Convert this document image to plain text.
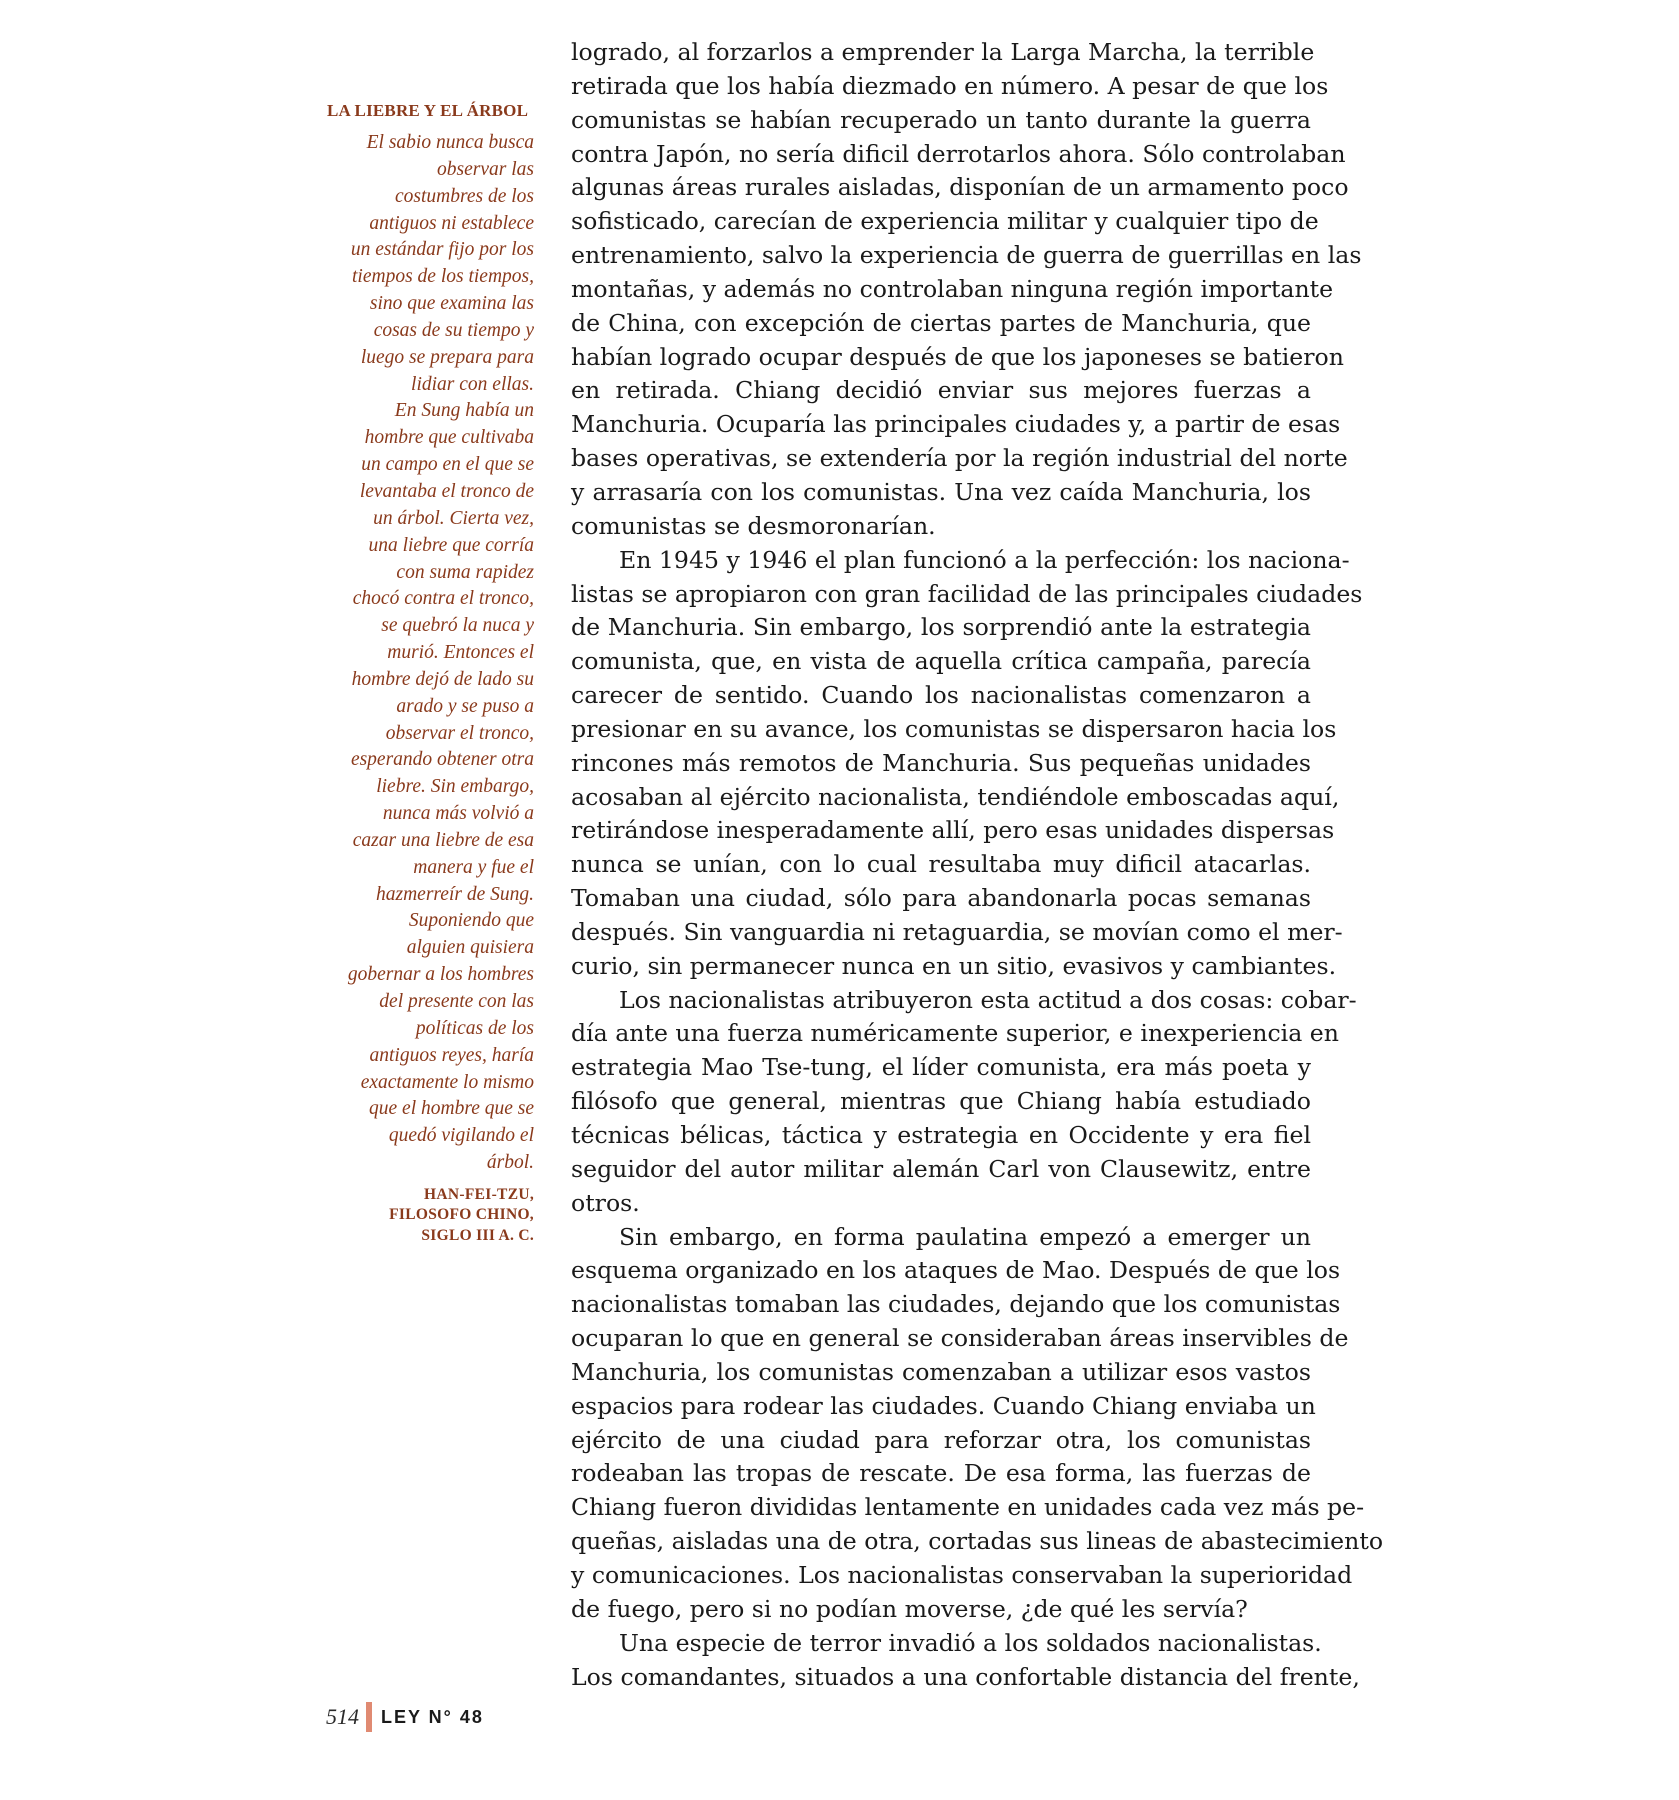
LA LIEBRE Y EL ÁRBOL
El sabio nunca busca
observar las
costumbres de los
antiguos ni establece
un estándar fijo por los
tiempos de los tiempos,
sino que examina las
cosas de su tiempo y
luego se prepara para
lidiar con ellas.
En Sung había un
hombre que cultivaba
un campo en el que se
levantaba el tronco de
un árbol. Cierta vez,
una liebre que corría
con suma rapidez
chocó contra el tronco,
se quebró la nuca y
murió. Entonces el
hombre dejó de lado su
arado y se puso a
observar el tronco,
esperando obtener otra
liebre. Sin embargo,
nunca más volvió a
cazar una liebre de esa
manera y fue el
hazmerreír de Sung.
Suponiendo que
alguien quisiera
gobernar a los hombres
del presente con las
políticas de los
antiguos reyes, haría
exactamente lo mismo
que el hombre que se
quedó vigilando el
árbol.
HAN-FEI-TZU,
FILOSOFO CHINO,
SIGLO III A. C.
logrado, al forzarlos a emprender la Larga Marcha, la terrible
retirada que los había diezmado en número. A pesar de que los
comunistas se habían recuperado un tanto durante la guerra
contra Japón, no sería dificil derrotarlos ahora. Sólo controlaban
algunas áreas rurales aisladas, disponían de un armamento poco
sofisticado, carecían de experiencia militar y cualquier tipo de
entrenamiento, salvo la experiencia de guerra de guerrillas en las
montañas, y además no controlaban ninguna región importante
de China, con excepción de ciertas partes de Manchuria, que
habían logrado ocupar después de que los japoneses se batieron
en retirada. Chiang decidió enviar sus mejores fuerzas a
Manchuria. Ocuparía las principales ciudades y, a partir de esas
bases operativas, se extendería por la región industrial del norte
y arrasaría con los comunistas. Una vez caída Manchuria, los
comunistas se desmoronarían.
En 1945 y 1946 el plan funcionó a la perfección: los naciona-
listas se apropiaron con gran facilidad de las principales ciudades
de Manchuria. Sin embargo, los sorprendió ante la estrategia
comunista, que, en vista de aquella crítica campaña, parecía
carecer de sentido. Cuando los nacionalistas comenzaron a
presionar en su avance, los comunistas se dispersaron hacia los
rincones más remotos de Manchuria. Sus pequeñas unidades
acosaban al ejército nacionalista, tendiéndole emboscadas aquí,
retirándose inesperadamente allí, pero esas unidades dispersas
nunca se unían, con lo cual resultaba muy dificil atacarlas.
Tomaban una ciudad, sólo para abandonarla pocas semanas
después. Sin vanguardia ni retaguardia, se movían como el mer-
curio, sin permanecer nunca en un sitio, evasivos y cambiantes.
Los nacionalistas atribuyeron esta actitud a dos cosas: cobar-
día ante una fuerza numéricamente superior, e inexperiencia en
estrategia Mao Tse-tung, el líder comunista, era más poeta y
filósofo que general, mientras que Chiang había estudiado
técnicas bélicas, táctica y estrategia en Occidente y era fiel
seguidor del autor militar alemán Carl von Clausewitz, entre
otros.
Sin embargo, en forma paulatina empezó a emerger un
esquema organizado en los ataques de Mao. Después de que los
nacionalistas tomaban las ciudades, dejando que los comunistas
ocuparan lo que en general se consideraban áreas inservibles de
Manchuria, los comunistas comenzaban a utilizar esos vastos
espacios para rodear las ciudades. Cuando Chiang enviaba un
ejército de una ciudad para reforzar otra, los comunistas
rodeaban las tropas de rescate. De esa forma, las fuerzas de
Chiang fueron divididas lentamente en unidades cada vez más pe-
queñas, aisladas una de otra, cortadas sus lineas de abastecimiento
y comunicaciones. Los nacionalistas conservaban la superioridad
de fuego, pero si no podían moverse, ¿de qué les servía?
Una especie de terror invadió a los soldados nacionalistas.
Los comandantes, situados a una confortable distancia del frente,
514 LEY N° 48
